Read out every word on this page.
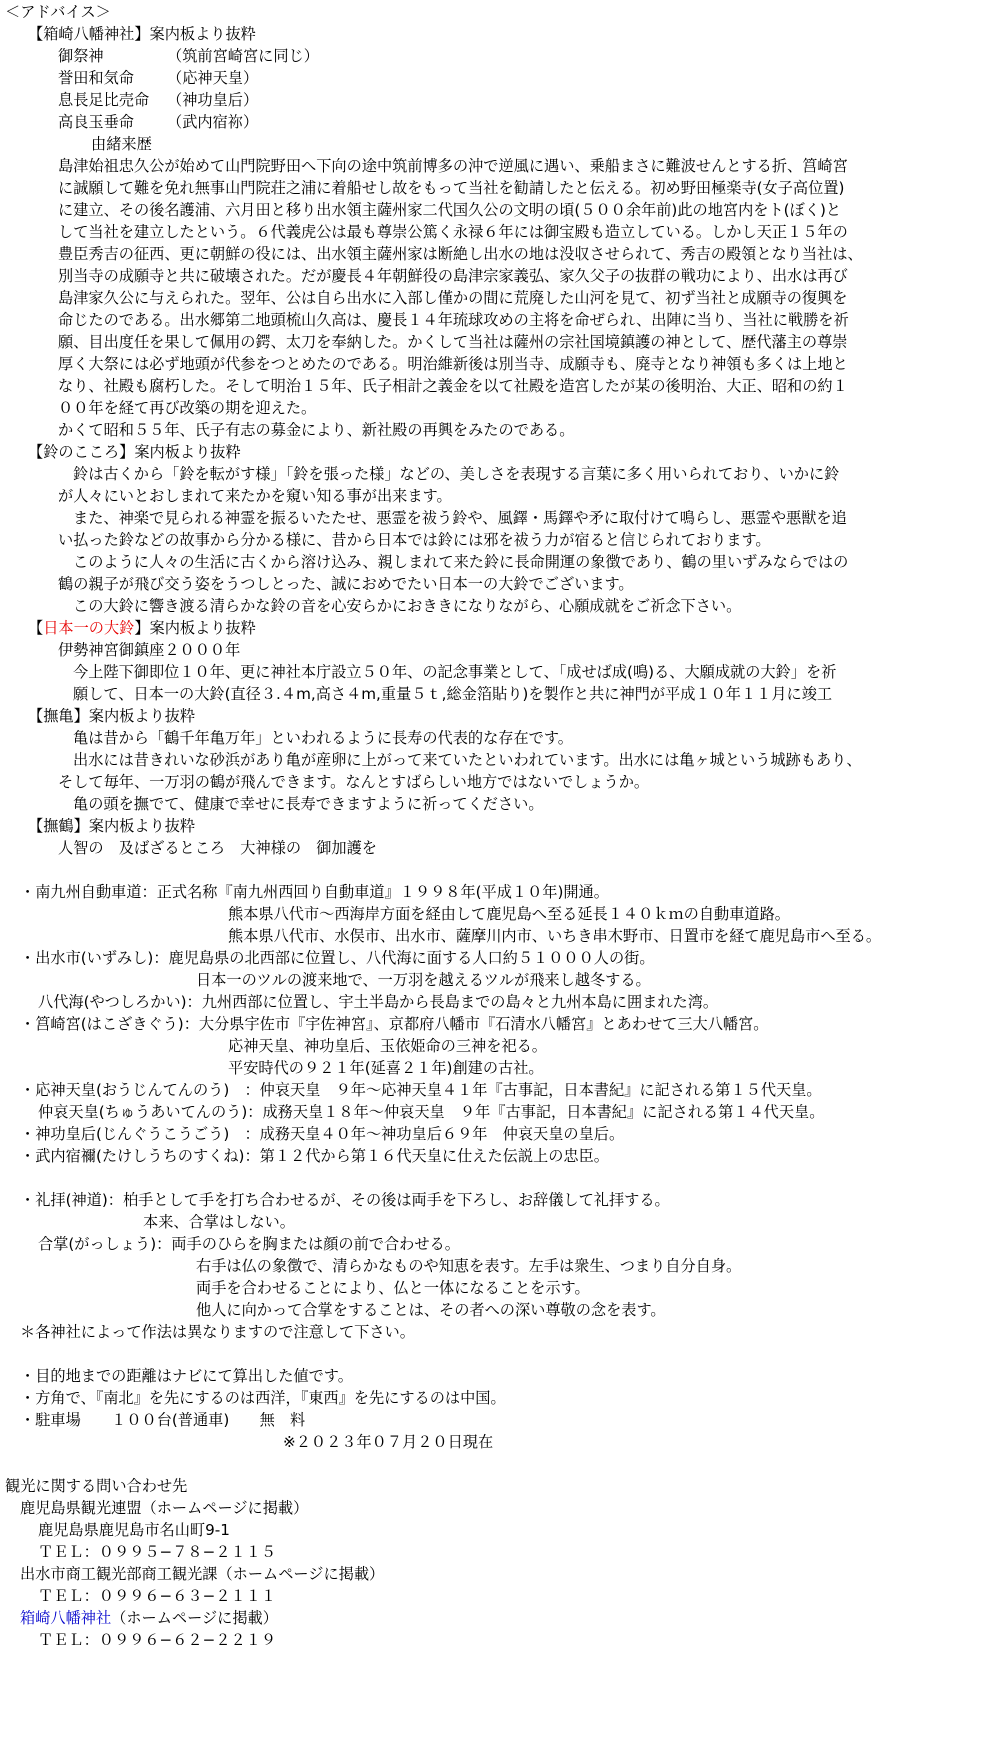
＜アドバイス＞
【箱崎八幡神社】案内板より抜粋
御祭神	（筑前宮崎宮に同じ）
誉田和気命 （応神天皇）
息長足比売命 （神功皇后）
高良玉垂命 （武内宿祢）
由緒来歴
島津始祖忠久公が始めて山門院野田へ下向の途中筑前博多の沖で逆風に遇い、乗船まさに難波せんとする折、筥崎宮
に誠願して難を免れ無事山門院荘之浦に着船せし故をもって当社を勧請したと伝える。初め野田極楽寺(女子高位置)
に建立、その後名護浦、六月田と移り出水領主薩州家二代国久公の文明の頃(５００余年前)此の地宮内をト(ぼく)と
して当社を建立したという。６代義虎公は最も尊崇公篤く永禄６年には御宝殿も造立している。しかし天正１５年の
豊臣秀吉の征西、更に朝鮮の役には、出水領主薩州家は断絶し出水の地は没収させられて、秀吉の殿領となり当社は、
別当寺の成願寺と共に破壊された。だが慶長４年朝鮮役の島津宗家義弘、家久父子の抜群の戦功により、出水は再び
島津家久公に与えられた。翌年、公は自ら出水に入部し僅かの間に荒廃した山河を見て、初ず当社と成願寺の復興を
命じたのである。出水郷第二地頭梳山久高は、慶長１４年琉球攻めの主将を命ぜられ、出陣に当り、当社に戦勝を祈
願、目出度任を果して佩用の鍔、太刀を奉納した。かくして当社は薩州の宗社国境鎮護の神として、歴代藩主の尊崇
厚く大祭には必ず地頭が代参をつとめたのである。明治維新後は別当寺、成願寺も、廃寺となり神領も多くは上地と
なり、社殿も腐朽した。そして明治１５年、氏子相計之義金を以て社殿を造宮したが某の後明治、大正、昭和の約１
００年を経て再び改築の期を迎えた。
かくて昭和５５年、氏子有志の募金により、新社殿の再興をみたのである。
【鈴のこころ】案内板より抜粋
鈴は古くから「鈴を転がす様」「鈴を張った様」などの、美しさを表現する言葉に多く用いられており、いかに鈴
が人々にいとおしまれて来たかを窺い知る事が出来ます。
また、神楽で見られる神霊を振るいたたせ、悪霊を祓う鈴や、風鐸・馬鐸や矛に取付けて鳴らし、悪霊や悪獣を追
い払った鈴などの故事から分かる様に、昔から日本では鈴には邪を祓う力が宿ると信じられております。
このように人々の生活に古くから溶け込み、親しまれて来た鈴に長命開運の象徴であり、鶴の里いずみならではの
鶴の親子が飛び交う姿をうつしとった、誠におめでたい日本一の大鈴でございます。
この大鈴に響き渡る清らかな鈴の音を心安らかにおききになりながら、心願成就をご祈念下さい。
【日本一の大鈴】案内板より抜粋
伊勢神宮御鎮座２０００年
今上陛下御即位１０年、更に神社本庁設立５０年、の記念事業として、「成せば成(鳴)る、大願成就の大鈴」を祈
願して、日本一の大鈴(直径３.４m,高さ４m,重量５ｔ,総金箔貼り)を製作と共に神門が平成１０年１１月に竣工
【撫亀】案内板より抜粋
亀は昔から「鶴千年亀万年」といわれるように長寿の代表的な存在です。
出水には昔きれいな砂浜があり亀が産卵に上がって来ていたといわれています。出水には亀ヶ城という城跡もあり、
そして毎年、一万羽の鶴が飛んできます。なんとすばらしい地方ではないでしょうか。
亀の頭を撫でて、健康で幸せに長寿できますように祈ってください。
【撫鶴】案内板より抜粋
人智の　及ばざるところ　大神様の　御加護を
・南九州自動車道：正式名称『南九州西回り自動車道』１９９８年(平成１０年)開通。
熊本県八代市〜西海岸方面を経由して鹿児島へ至る延長１４０ｋｍの自動車道路。
熊本県八代市、水俣市、出水市、薩摩川内市、いちき串木野市、日置市を経て鹿児島市へ至る。
・出水市(いずみし)：鹿児島県の北西部に位置し、八代海に面する人口約５１０００人の街。
日本一のツルの渡来地で、一万羽を越えるツルが飛来し越冬する。
八代海(やつしろかい)：九州西部に位置し、宇土半島から長島までの島々と九州本島に囲まれた湾。
・筥崎宮(はこざきぐう)：大分県宇佐市『宇佐神宮』、京都府八幡市『石清水八幡宮』とあわせて三大八幡宮。
応神天皇、神功皇后、玉依姫命の三神を祀る。
平安時代の９２１年(延喜２１年)創建の古社。
・応神天皇(おうじんてんのう)　：仲哀天皇　９年〜応神天皇４１年『古事記，日本書紀』に記される第１５代天皇。
仲哀天皇(ちゅうあいてんのう)：成務天皇１８年〜仲哀天皇　９年『古事記，日本書紀』に記される第１４代天皇。
・神功皇后(じんぐうこうごう)　：成務天皇４０年〜神功皇后６９年　仲哀天皇の皇后。
・武内宿禰(たけしうちのすくね)：第１２代から第１６代天皇に仕えた伝説上の忠臣。
・礼拝(神道)：柏手として手を打ち合わせるが、その後は両手を下ろし、お辞儀して礼拝する。
本来、合掌はしない。
合掌(がっしょう)：両手のひらを胸または顔の前で合わせる。
右手は仏の象徴で、清らかなものや知恵を表す。左手は衆生、つまり自分自身。
両手を合わせることにより、仏と一体になることを示す。
他人に向かって合掌をすることは、その者への深い尊敬の念を表す。
＊各神社によって作法は異なりますので注意して下さい。
・目的地までの距離はナビにて算出した値です。
・方角で、『南北』を先にするのは西洋，『東西』を先にするのは中国。
・駐車場　　１００台(普通車)　　無　料
※２０２３年０７月２０日現在
観光に関する問い合わせ先
鹿児島県観光連盟（ホームページに掲載）
鹿児島県鹿児島市名山町9-1
ＴＥＬ：０９９５−７８−２１１５
出水市商工観光部商工観光課（ホームページに掲載）
ＴＥＬ：０９９６−６３−２１１１
箱崎八幡神社（ホームページに掲載）
ＴＥＬ：０９９６−６２−２２１９
